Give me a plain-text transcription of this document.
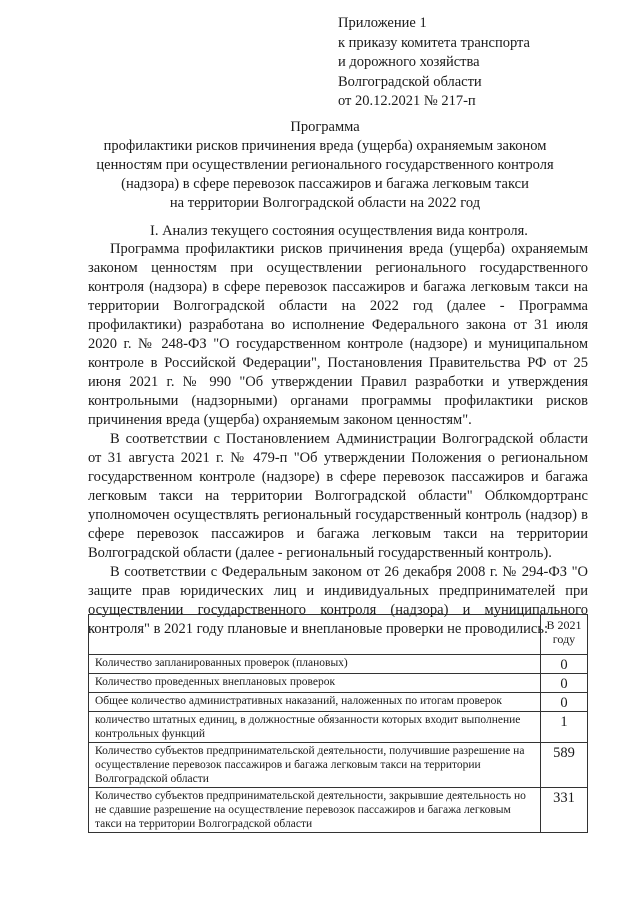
Приложение 1
к приказу комитета транспорта
и дорожного хозяйства
Волгоградской области
от 20.12.2021 № 217-п
Программа
профилактики рисков причинения вреда (ущерба) охраняемым законом
ценностям при осуществлении регионального государственного контроля
(надзора) в сфере перевозок пассажиров и багажа легковым такси
на территории Волгоградской области на 2022 год
I. Анализ текущего состояния осуществления вида контроля.

Программа профилактики рисков причинения вреда (ущерба) охраняемым законом ценностям при осуществлении регионального государственного контроля (надзора) в сфере перевозок пассажиров и багажа легковым такси на территории Волгоградской области на 2022 год (далее - Программа профилактики) разработана во исполнение Федерального закона от 31 июля 2020 г. № 248-ФЗ "О государственном контроле (надзоре) и муниципальном контроле в Российской Федерации", Постановления Правительства РФ от 25 июня 2021 г. № 990 "Об утверждении Правил разработки и утверждения контрольными (надзорными) органами программы профилактики рисков причинения вреда (ущерба) охраняемым законом ценностям".

В соответствии с Постановлением Администрации Волгоградской области от 31 августа 2021 г. № 479-п "Об утверждении Положения о региональном государственном контроле (надзоре) в сфере перевозок пассажиров и багажа легковым такси на территории Волгоградской области" Облкомдортранс уполномочен осуществлять региональный государственный контроль (надзор) в сфере перевозок пассажиров и багажа легковым такси на территории Волгоградской области (далее - региональный государственный контроль).

В соответствии с Федеральным законом от 26 декабря 2008 г. № 294-ФЗ "О защите прав юридических лиц и индивидуальных предпринимателей при осуществлении государственного контроля (надзора) и муниципального контроля" в 2021 году плановые и внеплановые проверки не проводились:

	В 2021 году
Количество запланированных проверок (плановых)	0
Количество проведенных внеплановых проверок	0
Общее количество административных наказаний, наложенных по итогам проверок	0
количество штатных единиц, в должностные обязанности которых входит выполнение контрольных функций	1
Количество субъектов предпринимательской деятельности, получившие разрешение на осуществление перевозок пассажиров и багажа легковым такси на территории Волгоградской области	589
Количество субъектов предпринимательской деятельности, закрывшие деятельность но не сдавшие разрешение на осуществление перевозок пассажиров и багажа легковым такси на территории Волгоградской области	331
